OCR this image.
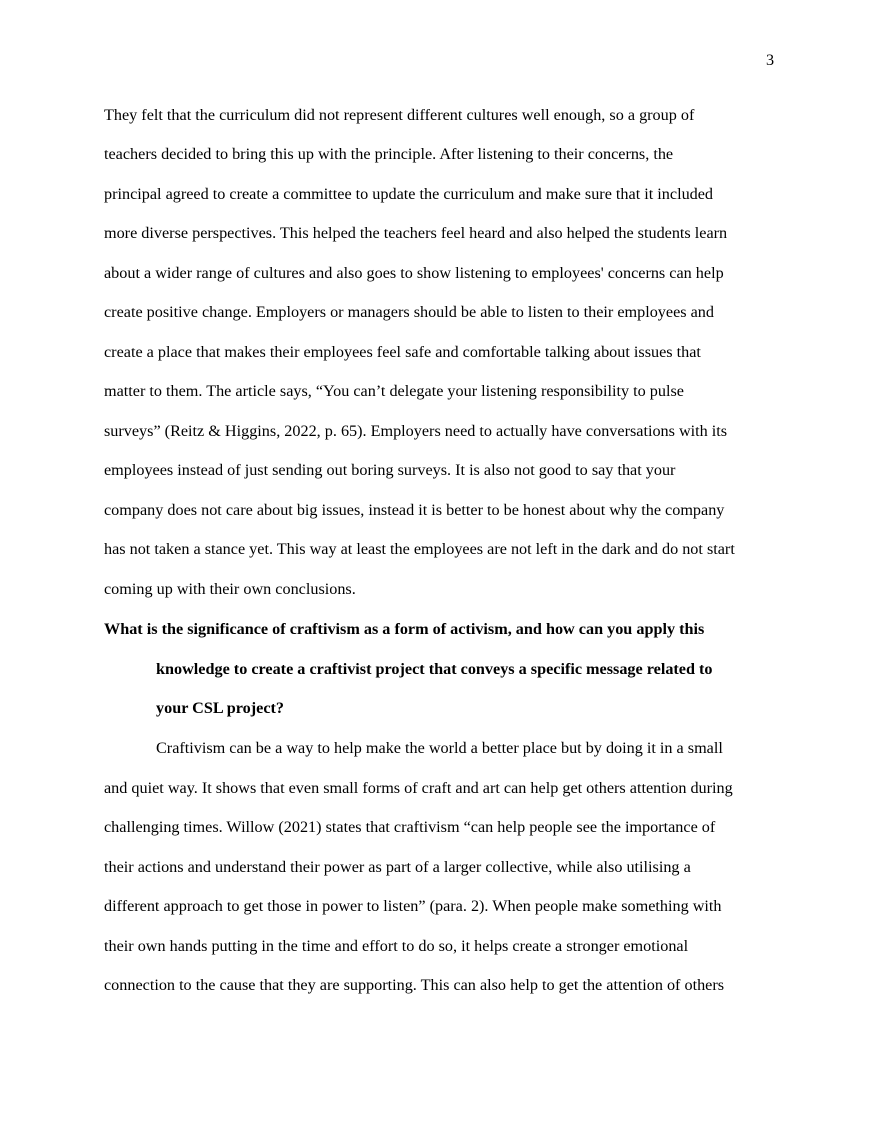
3
They felt that the curriculum did not represent different cultures well enough, so a group of
teachers decided to bring this up with the principle. After listening to their concerns, the
principal agreed to create a committee to update the curriculum and make sure that it included
more diverse perspectives. This helped the teachers feel heard and also helped the students learn
about a wider range of cultures and also goes to show listening to employees' concerns can help
create positive change. Employers or managers should be able to listen to their employees and
create a place that makes their employees feel safe and comfortable talking about issues that
matter to them. The article says, “You can’t delegate your listening responsibility to pulse
surveys” (Reitz & Higgins, 2022, p. 65). Employers need to actually have conversations with its
employees instead of just sending out boring surveys. It is also not good to say that your
company does not care about big issues, instead it is better to be honest about why the company
has not taken a stance yet. This way at least the employees are not left in the dark and do not start
coming up with their own conclusions.
What is the significance of craftivism as a form of activism, and how can you apply this
knowledge to create a craftivist project that conveys a specific message related to
your CSL project?
Craftivism can be a way to help make the world a better place but by doing it in a small
and quiet way. It shows that even small forms of craft and art can help get others attention during
challenging times. Willow (2021) states that craftivism “can help people see the importance of
their actions and understand their power as part of a larger collective, while also utilising a
different approach to get those in power to listen” (para. 2). When people make something with
their own hands putting in the time and effort to do so, it helps create a stronger emotional
connection to the cause that they are supporting. This can also help to get the attention of others
